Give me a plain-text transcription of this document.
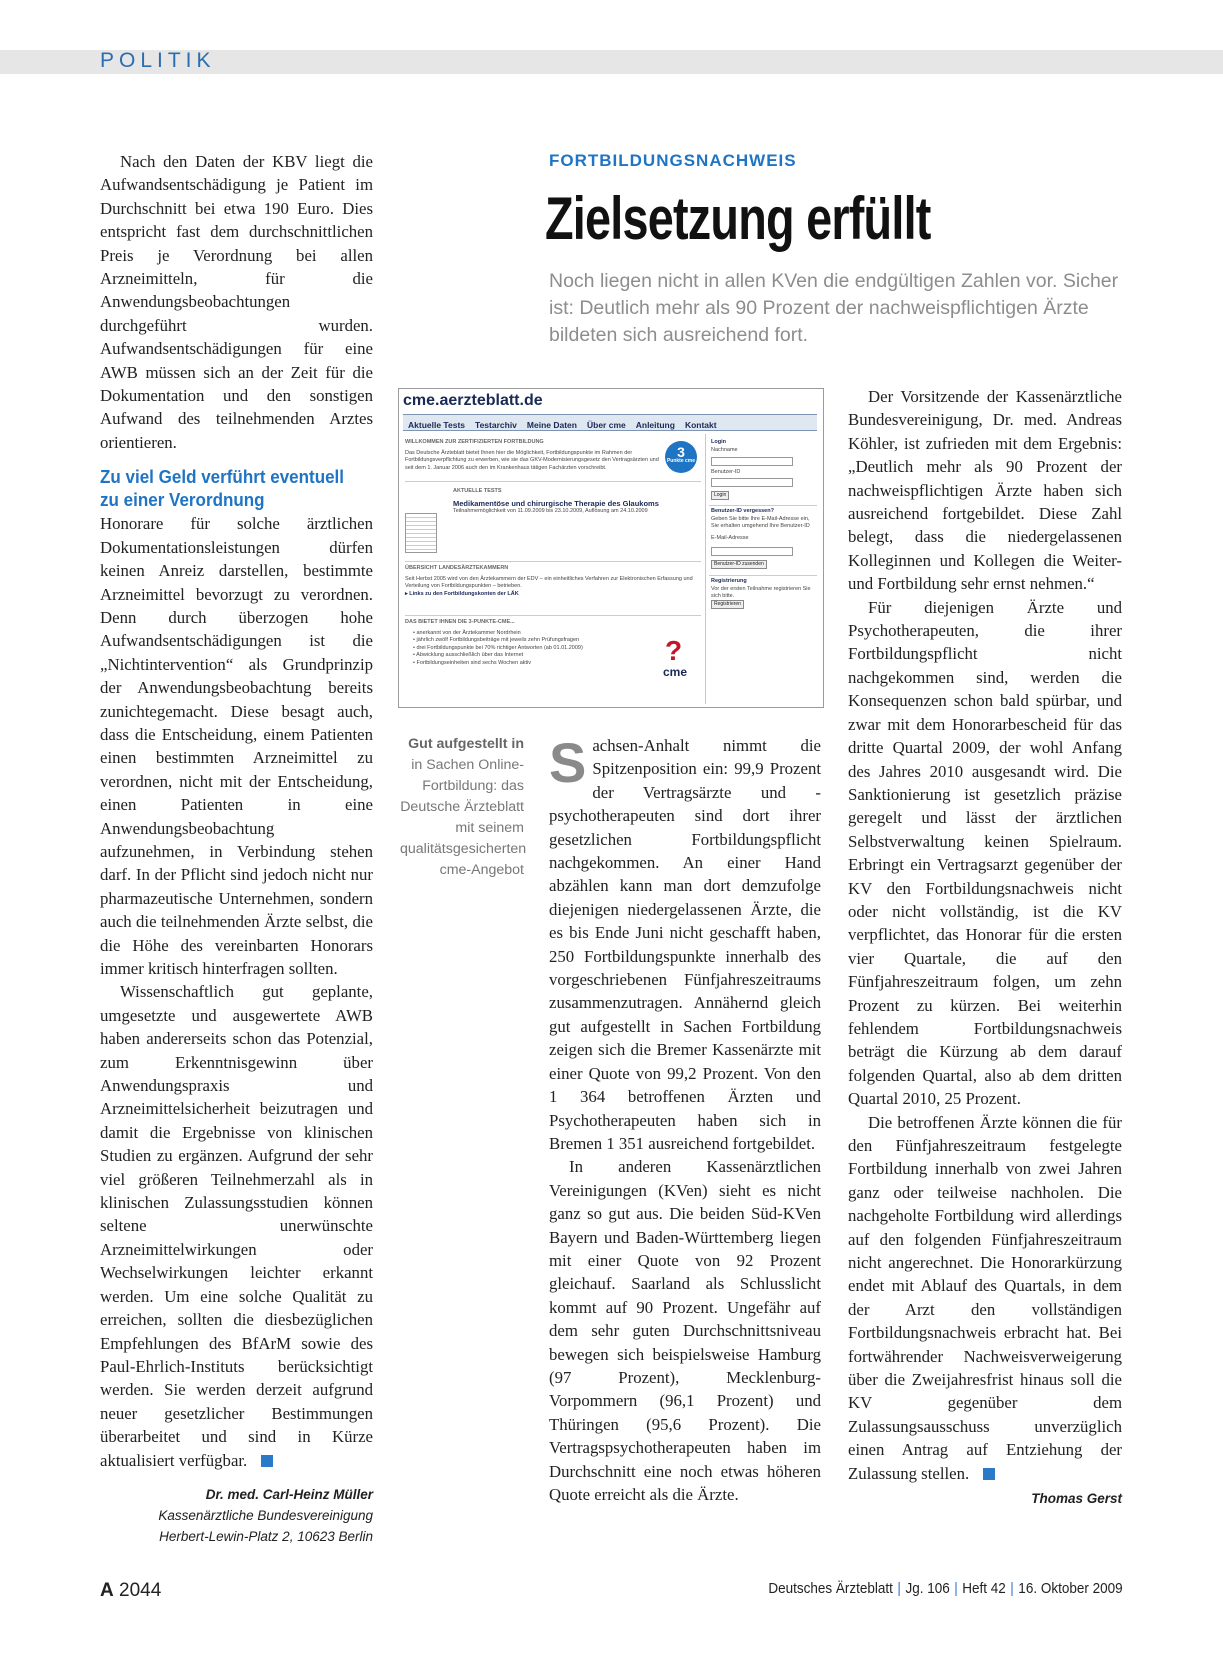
POLITIK

Nach den Daten der KBV liegt die Aufwandsentschädigung je Patient im Durchschnitt bei etwa 190 Euro. Dies entspricht fast dem durchschnittlichen Preis je Verordnung bei allen Arzneimitteln, für die Anwendungsbeobachtungen durchgeführt wurden. Aufwandsentschädigungen für eine AWB müssen sich an der Zeit für die Dokumentation und den sonstigen Aufwand des teilnehmenden Arztes orientieren.

Zu viel Geld verführt eventuell zu einer Verordnung

Honorare für solche ärztlichen Dokumentationsleistungen dürfen keinen Anreiz darstellen, bestimmte Arzneimittel bevorzugt zu verordnen. Denn durch überzogen hohe Aufwandsentschädigungen ist die „Nichtintervention“ als Grundprinzip der Anwendungsbeobachtung bereits zunichtegemacht. Diese besagt auch, dass die Entscheidung, einem Patienten einen bestimmten Arzneimittel zu verordnen, nicht mit der Entscheidung, einen Patienten in eine Anwendungsbeobachtung aufzunehmen, in Verbindung stehen darf. In der Pflicht sind jedoch nicht nur pharmazeutische Unternehmen, sondern auch die teilnehmenden Ärzte selbst, die die Höhe des vereinbarten Honorars immer kritisch hinterfragen sollten.

Wissenschaftlich gut geplante, umgesetzte und ausgewertete AWB haben andererseits schon das Potenzial, zum Erkenntnisgewinn über Anwendungspraxis und Arzneimittelsicherheit beizutragen und damit die Ergebnisse von klinischen Studien zu ergänzen. Aufgrund der sehr viel größeren Teilnehmerzahl als in klinischen Zulassungsstudien können seltene unerwünschte Arzneimittelwirkungen oder Wechselwirkungen leichter erkannt werden. Um eine solche Qualität zu erreichen, sollten die diesbezüglichen Empfehlungen des BfArM sowie des Paul-Ehrlich-Instituts berücksichtigt werden. Sie werden derzeit aufgrund neuer gesetzlicher Bestimmungen überarbeitet und sind in Kürze aktualisiert verfügbar.

Dr. med. Carl-Heinz Müller
Kassenärztliche Bundesvereinigung
Herbert-Lewin-Platz 2, 10623 Berlin
FORTBILDUNGSNACHWEIS
Zielsetzung erfüllt
Noch liegen nicht in allen KVen die endgültigen Zahlen vor. Sicher ist: Deutlich mehr als 90 Prozent der nachweispflichtigen Ärzte bildeten sich ausreichend fort.
cme.aerzteblatt.de
Aktuelle Tests Testarchiv Meine Daten Über cme Anleitung Kontakt
WILLKOMMEN ZUR ZERTIFIZIERTEN FORTBILDUNG
Das Deutsche Ärzteblatt bietet Ihnen hier die Möglichkeit, Fortbildungspunkte im Rahmen der Fortbildungsverpflichtung zu erwerben, wie sie das GKV-Modernisierungsgesetz den Vertragsärzten und seit dem 1. Januar 2006 auch den im Krankenhaus tätigen Fachärzten vorschreibt.
3
Punkte cme
AKTUELLE TESTS
Medikamentöse und chirurgische Therapie des Glaukoms
Teilnahmemöglichkeit von 11.09.2009 bis 23.10.2009, Auflösung am 24.10.2009
ÜBERSICHT LANDESÄRZTEKAMMERN
Seit Herbst 2005 wird von den Ärztekammern der EDV – ein einheitliches Verfahren zur Elektronischen Erfassung und Verteilung von Fortbildungspunkten – betrieben.
▸ Links zu den Fortbildungskonten der LÄK
DAS BIETET IHNEN DIE 3-PUNKTE-CME...
• anerkannt von der Ärztekammer Nordrhein
• jährlich zwölf Fortbildungsbeiträge mit jeweils zehn Prüfungsfragen
• drei Fortbildungspunkte bei 70% richtiger Antworten (ab 01.01.2009)
• Abwicklung ausschließlich über das Internet
• Fortbildungseinheiten sind sechs Wochen aktiv	?
cme
Login
Nachname
Benutzer-ID
Login
Benutzer-ID vergessen?
Geben Sie bitte Ihre E-Mail-Adresse ein, Sie erhalten umgehend Ihre Benutzer-ID
E-Mail-Adresse
Benutzer-ID zusenden
Registrierung
Vor der ersten Teilnahme registrieren Sie sich bitte.
Registrieren
Gut aufgestellt in
in Sachen Online-Fortbildung: das Deutsche Ärzteblatt mit seinem qualitätsgesicherten cme-Angebot

Sachsen-Anhalt nimmt die Spitzenposition ein: 99,9 Prozent der Vertragsärzte und -psychotherapeuten sind dort ihrer gesetzlichen Fortbildungspflicht nachgekommen. An einer Hand abzählen kann man dort demzufolge diejenigen niedergelassenen Ärzte, die es bis Ende Juni nicht geschafft haben, 250 Fortbildungspunkte innerhalb des vorgeschriebenen Fünfjahreszeitraums zusammenzutragen. Annähernd gleich gut aufgestellt in Sachen Fortbildung zeigen sich die Bremer Kassenärzte mit einer Quote von 99,2 Prozent. Von den 1 364 betroffenen Ärzten und Psychotherapeuten haben sich in Bremen 1 351 ausreichend fortgebildet.

In anderen Kassenärztlichen Vereinigungen (KVen) sieht es nicht ganz so gut aus. Die beiden Süd-KVen Bayern und Baden-Württemberg liegen mit einer Quote von 92 Prozent gleichauf. Saarland als Schlusslicht kommt auf 90 Prozent. Ungefähr auf dem sehr guten Durchschnittsniveau bewegen sich beispielsweise Hamburg (97 Prozent), Mecklenburg-Vorpommern (96,1 Prozent) und Thüringen (95,6 Prozent). Die Vertragspsychotherapeuten haben im Durchschnitt eine noch etwas höheren Quote erreicht als die Ärzte.

Der Vorsitzende der Kassenärztliche Bundesvereinigung, Dr. med. Andreas Köhler, ist zufrieden mit dem Ergebnis: „Deutlich mehr als 90 Prozent der nachweispflichtigen Ärzte haben sich ausreichend fortgebildet. Diese Zahl belegt, dass die niedergelassenen Kolleginnen und Kollegen die Weiter- und Fortbildung sehr ernst nehmen.“

Für diejenigen Ärzte und Psychotherapeuten, die ihrer Fortbildungspflicht nicht nachgekommen sind, werden die Konsequenzen schon bald spürbar, und zwar mit dem Honorarbescheid für das dritte Quartal 2009, der wohl Anfang des Jahres 2010 ausgesandt wird. Die Sanktionierung ist gesetzlich präzise geregelt und lässt der ärztlichen Selbstverwaltung keinen Spielraum. Erbringt ein Vertragsarzt gegenüber der KV den Fortbildungsnachweis nicht oder nicht vollständig, ist die KV verpflichtet, das Honorar für die ersten vier Quartale, die auf den Fünfjahreszeitraum folgen, um zehn Prozent zu kürzen. Bei weiterhin fehlendem Fortbildungsnachweis beträgt die Kürzung ab dem darauf folgenden Quartal, also ab dem dritten Quartal 2010, 25 Prozent.

Die betroffenen Ärzte können die für den Fünfjahreszeitraum festgelegte Fortbildung innerhalb von zwei Jahren ganz oder teilweise nachholen. Die nachgeholte Fortbildung wird allerdings auf den folgenden Fünfjahreszeitraum nicht angerechnet. Die Honorarkürzung endet mit Ablauf des Quartals, in dem der Arzt den vollständigen Fortbildungsnachweis erbracht hat. Bei fortwährender Nachweisverweigerung über die Zweijahresfrist hinaus soll die KV gegenüber dem Zulassungsausschuss unverzüglich einen Antrag auf Entziehung der Zulassung stellen.

Thomas Gerst
A 2044	Deutsches Ärzteblatt | Jg. 106 | Heft 42 | 16. Oktober 2009
